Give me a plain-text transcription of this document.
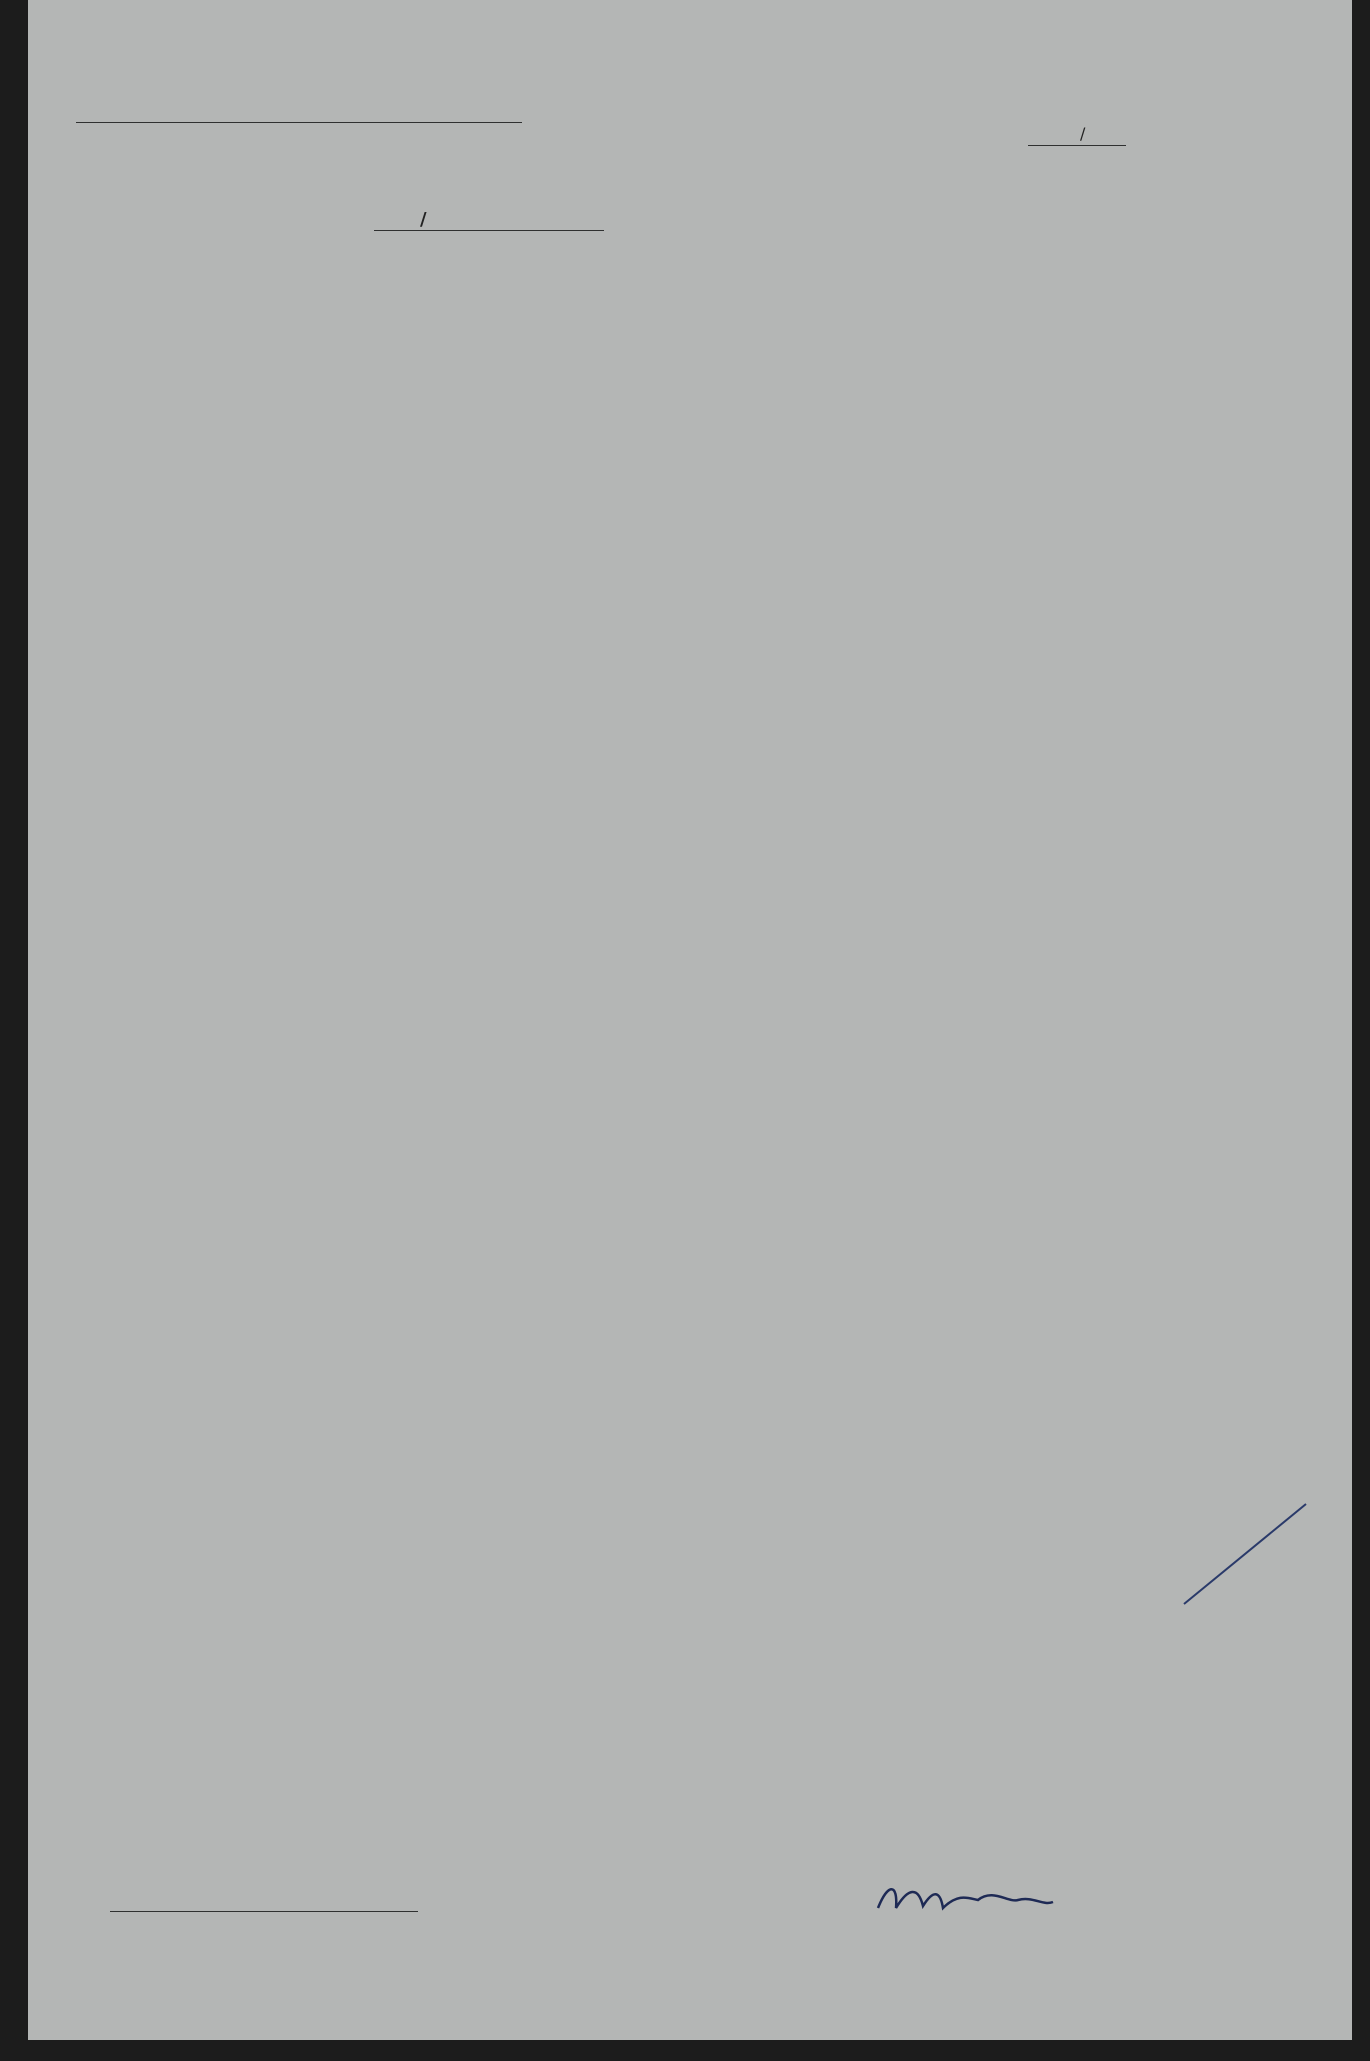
/
/
